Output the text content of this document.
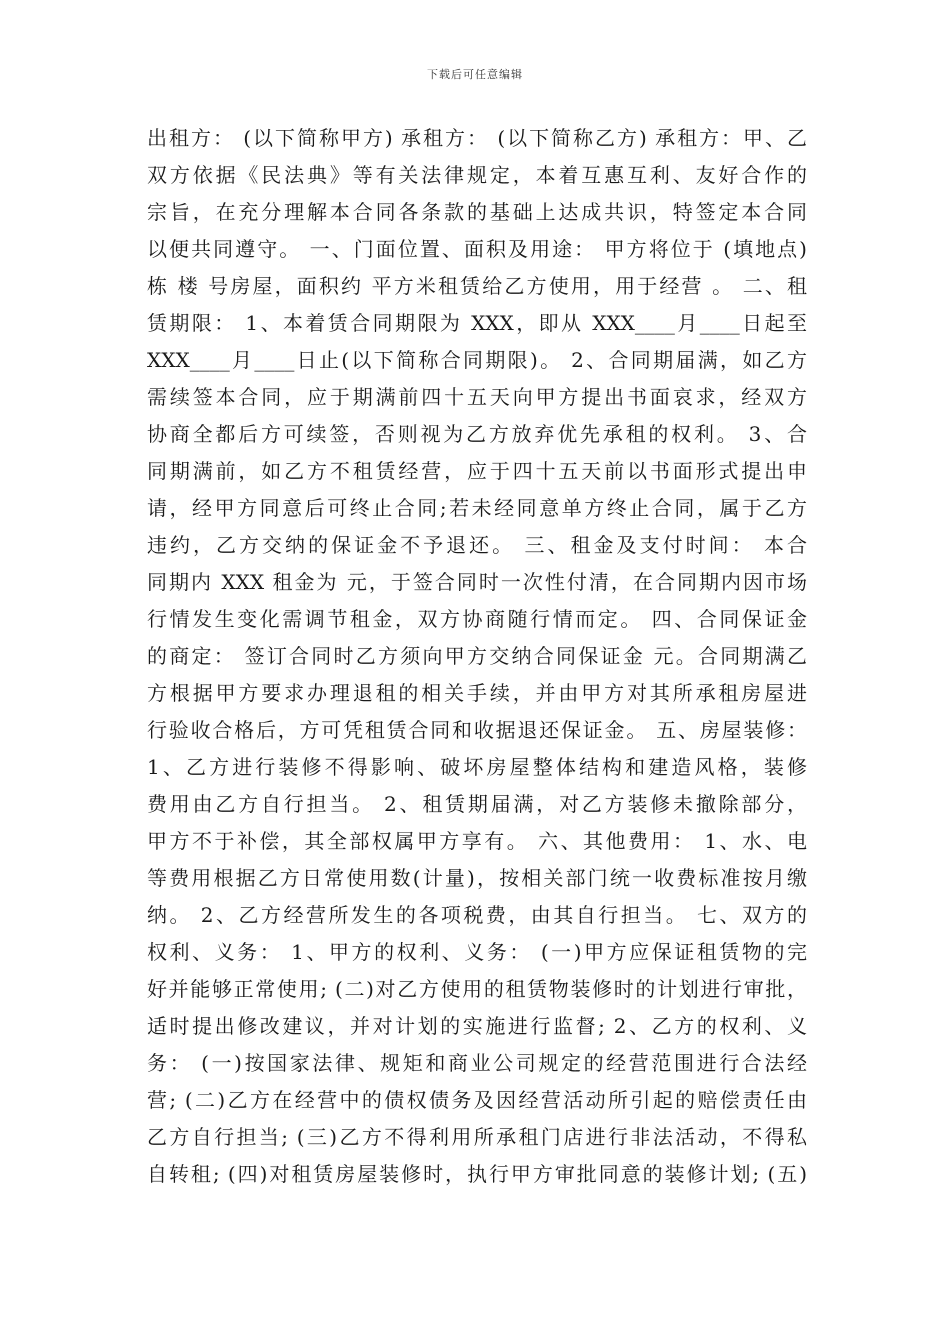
下载后可任意编辑
出租方： (以下简称甲方) 承租方： (以下简称乙方) 承租方：甲、乙
双方依据《民法典》等有关法律规定，本着互惠互利、友好合作的
宗旨，在充分理解本合同各条款的基础上达成共识，特签定本合同
以便共同遵守。 一、门面位置、面积及用途： 甲方将位于 (填地点)
栋 楼 号房屋，面积约 平方米租赁给乙方使用，用于经营 。 二、租
赁期限： 1、本着赁合同期限为 XXX，即从 XXX____月____日起至
XXX____月____日止(以下简称合同期限)。 2、合同期届满，如乙方
需续签本合同，应于期满前四十五天向甲方提出书面哀求，经双方
协商全都后方可续签，否则视为乙方放弃优先承租的权利。 3、合
同期满前，如乙方不租赁经营，应于四十五天前以书面形式提出申
请，经甲方同意后可终止合同;若未经同意单方终止合同，属于乙方
违约，乙方交纳的保证金不予退还。 三、租金及支付时间： 本合
同期内 XXX 租金为 元，于签合同时一次性付清，在合同期内因市场
行情发生变化需调节租金，双方协商随行情而定。 四、合同保证金
的商定： 签订合同时乙方须向甲方交纳合同保证金 元。合同期满乙
方根据甲方要求办理退租的相关手续，并由甲方对其所承租房屋进
行验收合格后，方可凭租赁合同和收据退还保证金。 五、房屋装修：
1、乙方进行装修不得影响、破坏房屋整体结构和建造风格，装修
费用由乙方自行担当。 2、租赁期届满，对乙方装修未撤除部分，
甲方不于补偿，其全部权属甲方享有。 六、其他费用： 1、水、电
等费用根据乙方日常使用数(计量)，按相关部门统一收费标准按月缴
纳。 2、乙方经营所发生的各项税费，由其自行担当。 七、双方的
权利、义务： 1、甲方的权利、义务： (一)甲方应保证租赁物的完
好并能够正常使用; (二)对乙方使用的租赁物装修时的计划进行审批，
适时提出修改建议，并对计划的实施进行监督; 2、乙方的权利、义
务： (一)按国家法律、规矩和商业公司规定的经营范围进行合法经
营; (二)乙方在经营中的债权债务及因经营活动所引起的赔偿责任由
乙方自行担当; (三)乙方不得利用所承租门店进行非法活动，不得私
自转租; (四)对租赁房屋装修时，执行甲方审批同意的装修计划; (五)
